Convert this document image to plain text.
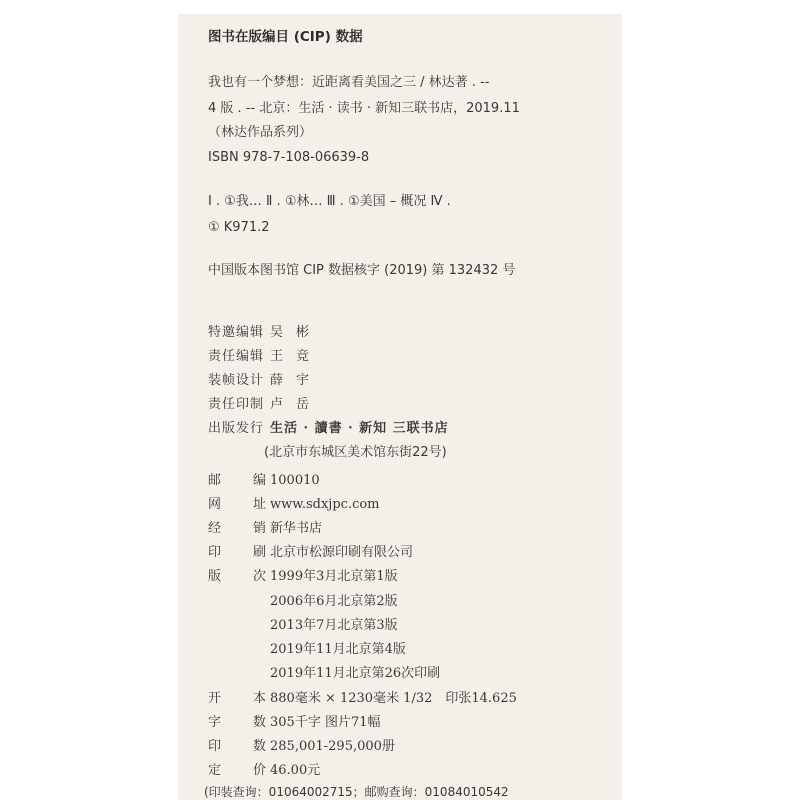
图书在版编目 (CIP) 数据
我也有一个梦想：近距离看美国之三 / 林达著 . --
4 版 . -- 北京：生活 · 读书 · 新知三联书店，2019.11
（林达作品系列）
ISBN 978-7-108-06639-8
Ⅰ . ①我… Ⅱ . ①林… Ⅲ . ①美国 – 概况 Ⅳ .
① K971.2
中国版本图书馆 CIP 数据核字 (2019) 第 132432 号
特邀编辑 吴　彬
责任编辑 王　竞
装帧设计 薛　宇
责任印制 卢　岳
出版发行 生活 · 讀書 · 新知 三联书店
(北京市东城区美术馆东街22号)
邮 编 100010
网 址 www.sdxjpc.com
经 销 新华书店
印 刷 北京市松源印刷有限公司
版 次 1999年3月北京第1版
2006年6月北京第2版
2013年7月北京第3版
2019年11月北京第4版
2019年11月北京第26次印刷
开 本 880毫米 × 1230毫米 1/32　印张14.625
字 数 305千字 图片71幅
印 数 285,001-295,000册
定 价 46.00元
(印装查询：01064002715；邮购查询：01084010542
